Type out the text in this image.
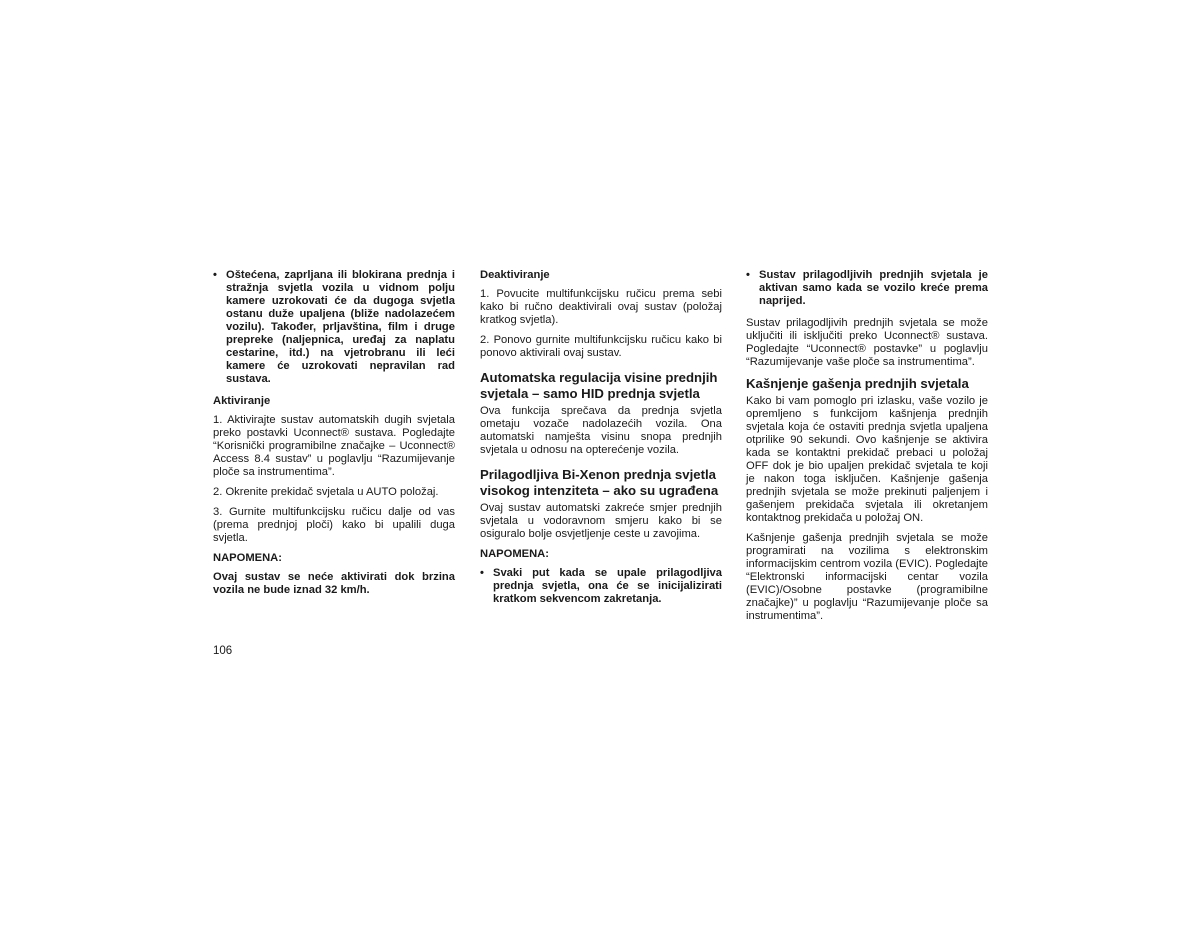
• Oštećena, zaprljana ili blokirana prednja i stražnja svjetla vozila u vidnom polju kamere uzrokovati će da dugoga svjetla ostanu duže upaljena (bliže nadolazećem vozilu). Također, prljavština, film i druge prepreke (naljepnica, uređaj za naplatu cestarine, itd.) na vjetrobranu ili leći kamere će uzrokovati nepravilan rad sustava.

Aktiviranje

1. Aktivirajte sustav automatskih dugih svjetala preko postavki Uconnect® sustava. Pogledajte “Korisnički programibilne značajke – Uconnect® Access 8.4 sustav” u poglavlju “Razumijevanje ploče sa instrumentima”.

2. Okrenite prekidač svjetala u AUTO položaj.

3. Gurnite multifunkcijsku ručicu dalje od vas (prema prednjoj ploči) kako bi upalili duga svjetla.

NAPOMENA:

Ovaj sustav se neće aktivirati dok brzina vozila ne bude iznad 32 km/h.

Deaktiviranje

1. Povucite multifunkcijsku ručicu prema sebi kako bi ručno deaktivirali ovaj sustav (položaj kratkog svjetla).

2. Ponovo gurnite multifunkcijsku ručicu kako bi ponovo aktivirali ovaj sustav.

Automatska regulacija visine prednjih svjetala – samo HID prednja svjetla

Ova funkcija sprečava da prednja svjetla ometaju vozače nadolazećih vozila. Ona automatski namješta visinu snopa prednjih svjetala u odnosu na opterećenje vozila.

Prilagodljiva Bi-Xenon prednja svjetla visokog intenziteta – ako su ugrađena

Ovaj sustav automatski zakreće smjer prednjih svjetala u vodoravnom smjeru kako bi se osiguralo bolje osvjetljenje ceste u zavojima.

NAPOMENA:

• Svaki put kada se upale prilagodljiva prednja svjetla, ona će se inicijalizirati kratkom sekvencom zakretanja.
• Sustav prilagodljivih prednjih svjetala je aktivan samo kada se vozilo kreće prema naprijed.

Sustav prilagodljivih prednjih svjetala se može uključiti ili isključiti preko Uconnect® sustava. Pogledajte “Uconnect® postavke” u poglavlju “Razumijevanje vaše ploče sa instrumentima”.

Kašnjenje gašenja prednjih svjetala

Kako bi vam pomoglo pri izlasku, vaše vozilo je opremljeno s funkcijom kašnjenja prednjih svjetala koja će ostaviti prednja svjetla upaljena otprilike 90 sekundi. Ovo kašnjenje se aktivira kada se kontaktni prekidač prebaci u položaj OFF dok je bio upaljen prekidač svjetala te koji je nakon toga isključen. Kašnjenje gašenja prednjih svjetala se može prekinuti paljenjem i gašenjem prekidača svjetala ili okretanjem kontaktnog prekidača u položaj ON.

Kašnjenje gašenja prednjih svjetala se može programirati na vozilima s elektronskim informacijskim centrom vozila (EVIC). Pogledajte “Elektronski informacijski centar vozila (EVIC)/Osobne postavke (programibilne značajke)” u poglavlju “Razumijevanje ploče sa instrumentima”.

106
